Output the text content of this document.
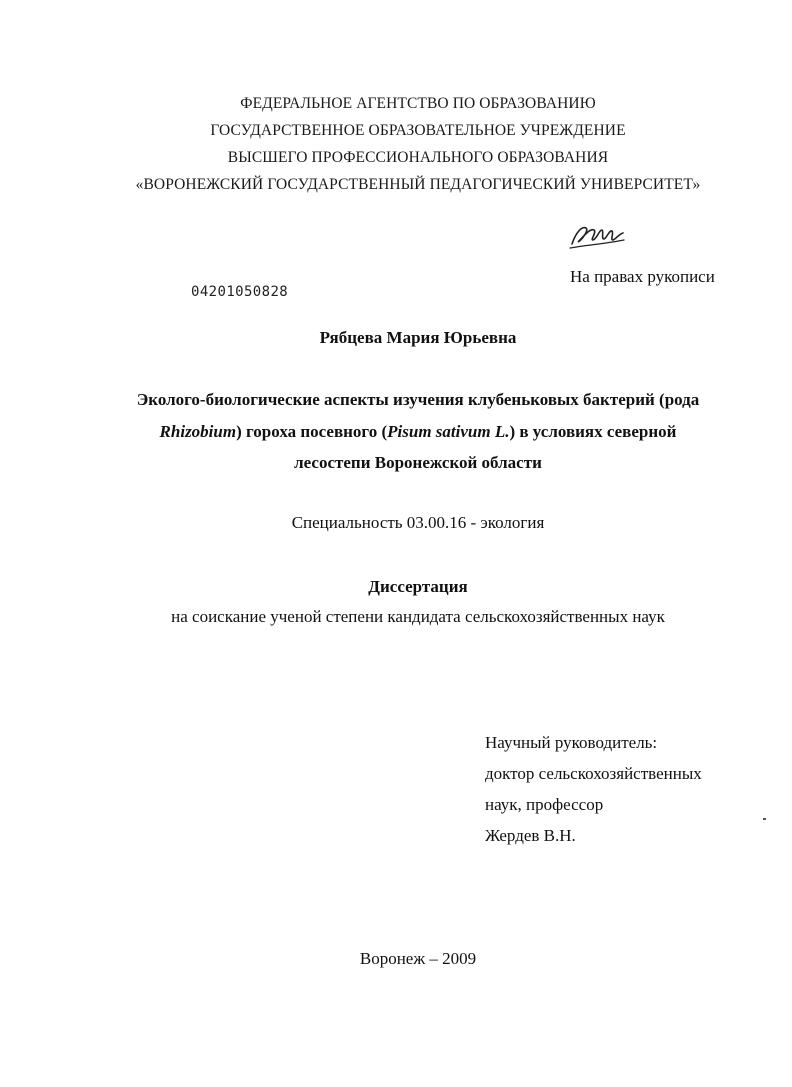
ФЕДЕРАЛЬНОЕ АГЕНТСТВО ПО ОБРАЗОВАНИЮ
ГОСУДАРСТВЕННОЕ ОБРАЗОВАТЕЛЬНОЕ УЧРЕЖДЕНИЕ
ВЫСШЕГО ПРОФЕССИОНАЛЬНОГО ОБРАЗОВАНИЯ
«ВОРОНЕЖСКИЙ ГОСУДАРСТВЕННЫЙ ПЕДАГОГИЧЕСКИЙ УНИВЕРСИТЕТ»
На правах рукописи
04201050828
Рябцева Мария Юрьевна
Эколого-биологические аспекты изучения клубеньковых бактерий (рода
Rhizobium) гороха посевного (Pisum sativum L.) в условиях северной
лесостепи Воронежской области
Специальность 03.00.16 - экология
Диссертация
на соискание ученой степени кандидата сельскохозяйственных наук
Научный руководитель:
доктор сельскохозяйственных
наук, профессор
Жердев В.Н.
Воронеж – 2009
